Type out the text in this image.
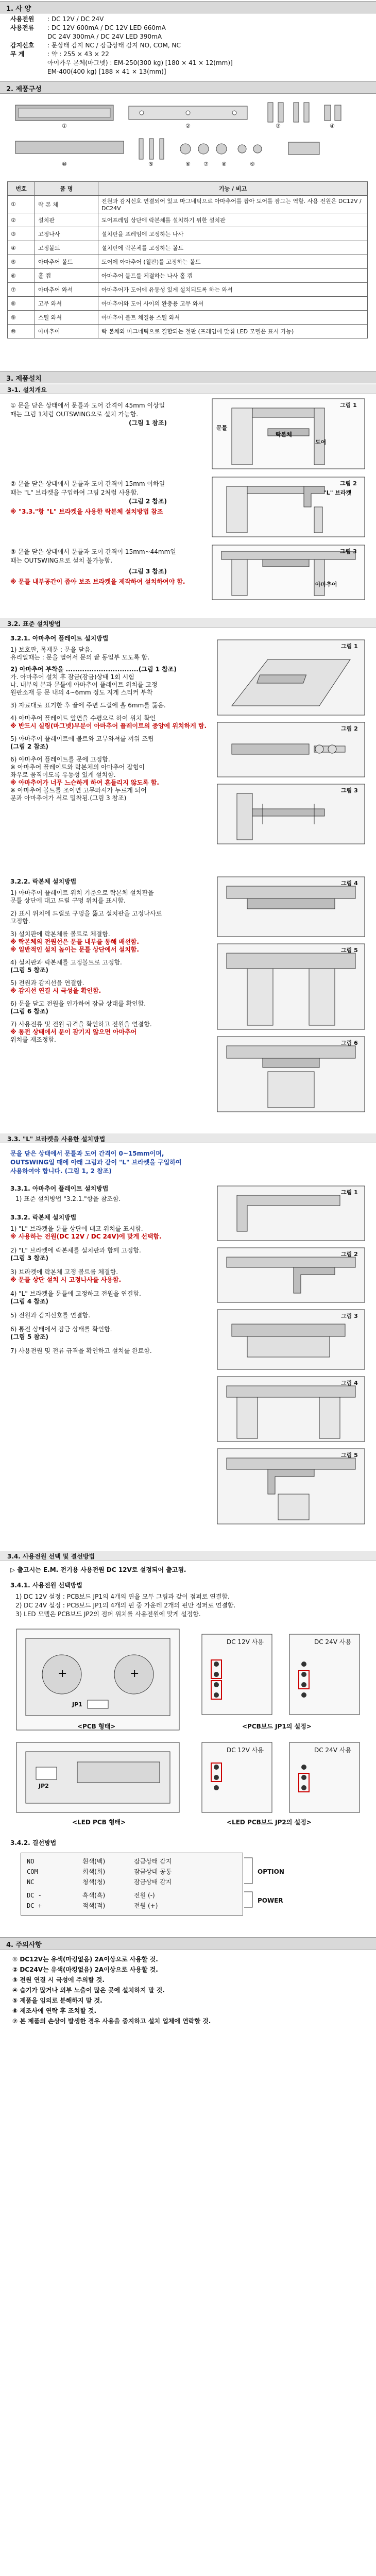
1. 사 양
사용전원 : DC 12V / DC 24V
사용전류 : DC 12V 600mA / DC 12V LED 660mA
DC 24V 300mA / DC 24V LED 390mA
감지신호 : 문상태 감지 NC / 잠금상태 감지 NO, COM, NC
무 게	: 약 : 255 × 43 × 22
아이카우 본체(마그넷) : EM-250(300 kg) [180 × 41 × 12(mm)]
EM-400(400 kg) [188 × 41 × 13(mm)]
2. 제품구성
①	②	③	④
⑩	⑤	⑥ ⑦ ⑧	⑨
번호	품 명	기능 / 비고
①	락 본 체	전원과 감지신호 연결되어 있고 마그네틱으로 아마추어를 잡아 도어를 잠그는 역할. 사용 전원은 DC12V / DC24V
②	설치판	도어프레임 상단에 락본체를 설치하기 위한 설치판
③	고정나사	설치판을 프레임에 고정하는 나사
④	고정볼트	설치판에 락본체를 고정하는 볼트
⑤	아마추어 볼트	도어에 아마추어 (철판)를 고정하는 볼트
⑥	홀 캡	아마추어 볼트를 체결하는 나사 홀 캡
⑦	아마추어 와셔	아마추어가 도어에 유동성 있게 설치되도록 하는 와셔
⑧	고무 와셔	아마추어와 도어 사이의 완충용 고무 와셔
⑨	스틸 와셔	아마추어 볼트 체결용 스틸 와셔
⑩	아마추어	락 본체와 마그네틱으로 결합되는 철판 (프레임에 맞춰 LED 모델은 표시 가능)
3. 제품설치
3-1. 설치개요
① 문을 닫은 상태에서 문틀과 도어 간격이 45mm 이상일
때는 그림 1처럼 OUTSWING으로 설치 가능함.
(그림 1 참조)
그림 1
문틀
도어
락본체
② 문을 닫은 상태에서 문틀과 도어 간격이 15mm 이하일
때는 "L" 브라켓을 구입하여 그림 2처럼 사용함.
(그림 2 참조)
※ "3.3."항 "L" 브라켓을 사용한 락본체 설치방법 참조
그림 2
"L" 브라켓
③ 문을 닫은 상태에서 문틀과 도어 간격이 15mm~44mm일
때는 OUTSWING으로 설치 불가능함.
(그림 3 참조)
※ 문틀 내부공간이 좁아 보조 브라켓을 제작하여 설치하여야 함.
그림 3
아마추어
3.2. 표준 설치방법
3.2.1. 아마추어 플레이트 설치방법
1) 보호판, 목재문 : 문을 닫음.
유리일때는 : 문을 열어서 문의 끝 동일부 모도록 함.
2) 아마추어 부착을 ...............................(그림 1 참조)
가. 아마추어 설치 후 잠금(잠금)상태 1회 시험
나. 내부의 본과 문틀에 아마추어 플레이트 위치를 고정
원판소재 등 문 내의 4~6mm 정도 지게 스티커 부착
3) 자료대로 표기한 후 끝에 주변 드릴에 홀 6mm를 뚫음.
4) 아마추어 플레이트 앞면을 수평으로 하여 위치 확인
※ 반드시 실링(마그넷)부분이 아마추어 플레이트의 중앙에 위치하게 함.
5) 아마추어 플레이트에 볼트와 고무와셔를 끼워 조립
(그림 2 참조)
6) 아마추어 플레이트를 문에 고정함.
※ 아마추어 플레이트와 락본체의 아마추어 잡힘이
좌우로 움직이도록 유동성 있게 설치함.
※ 아마추어가 너무 느슨하게 하여 흔들리지 않도록 함.
※ 아마추어 볼트를 조이면 고무와셔가 누르게 되어
문과 아마추어가 서로 밀착됨.(그림 3 참조)
그림 1
그림 2
그림 3
3.2.2. 락본체 설치방법
1) 아마추어 플레이트 위치 기준으로 락본체 설치판을
문틀 상단에 대고 드릴 구멍 위치를 표시함.
2) 표시 위치에 드릴로 구멍을 뚫고 설치판을 고정나사로
고정함.
3) 설치판에 락본체를 볼트로 체결함.
※ 락본체의 전원선은 문틀 내부를 통해 배선함.
※ 일반적인 설치 높이는 문틀 상단에서 설치함.
4) 설치판과 락본체를 고정볼트로 고정함.
(그림 5 참조)
5) 전원과 감지선을 연결함.
※ 감지선 연결 시 극성을 확인함.
6) 문을 닫고 전원을 인가하여 잠금 상태를 확인함.
(그림 6 참조)
7) 사용전류 및 전원 규격을 확인하고 전원을 연결함.
※ 통전 상태에서 문이 잠기지 않으면 아마추어
위치를 재조정함.
그림 4
그림 5
그림 6
3.3. "L" 브라켓을 사용한 설치방법
문을 닫은 상태에서 문틀과 도어 간격이 0~15mm이며,
OUTSWING일 때에 아래 그림과 같이 "L" 브라켓을 구입하여
사용하여야 합니다. (그림 1, 2 참조)
3.3.1. 아마추어 플레이트 설치방법
1) 표준 설치방법 "3.2.1."항을 참조함.
3.3.2. 락본체 설치방법
1) "L" 브라켓을 문틀 상단에 대고 위치를 표시함.
※ 사용하는 전원(DC 12V / DC 24V)에 맞게 선택함.
2) "L" 브라켓에 락본체를 설치판과 함께 고정함.
(그림 3 참조)
3) 브라켓에 락본체 고정 볼트를 체결함.
※ 문틀 상단 설치 시 고정나사를 사용함.
4) "L" 브라켓을 문틀에 고정하고 전원을 연결함.
(그림 4 참조)
5) 전원과 감지신호를 연결함.
6) 통전 상태에서 잠금 상태를 확인함.
(그림 5 참조)
7) 사용전원 및 전류 규격을 확인하고 설치를 완료함.
그림 1
그림 2
그림 3
그림 4
그림 5
3.4. 사용전원 선택 및 결선방법
▷ 출고시는 E.M. 전기용 사용전원 DC 12V로 설정되어 출고됨.
3.4.1. 사용전원 선택방법
1) DC 12V 설정 : PCB보드 JP1의 4개의 핀을 모두 그림과 같이 점퍼로 연결함.
2) DC 24V 설정 : PCB보드 JP1의 4개의 핀 중 가운데 2개의 핀만 점퍼로 연결함.
3) LED 모델은 PCB보드 JP2의 점퍼 위치를 사용전원에 맞게 설정함.
+	+
<PCB 형태>
JP1
DC 12V 사용	DC 24V 사용
<PCB보드 JP1의 설정>
JP2
<LED PCB 형태>
DC 12V 사용	DC 24V 사용
<LED PCB보드 JP2의 설정>
3.4.2. 결선방법
NO	흰색(백)	잠금상태 감지
COM	회색(회)	잠금상태 공통
NC	청색(청)	잠금상태 감지
DC -	흑색(흑)	전원 (-)
DC +	적색(적)	전원 (+)
OPTION
POWER
4. 주의사항
① DC12V는 유색(마킹없음) 2A이상으로 사용할 것.
② DC24V는 유색(마킹없음) 2A이상으로 사용할 것.
③ 전원 연결 시 극성에 주의할 것.
④ 습기가 많거나 외부 노출이 많은 곳에 설치하지 말 것.
⑤ 제품을 임의로 분해하지 말 것.
⑥ 제조사에 연락 후 조치할 것.
⑦ 본 제품의 손상이 발생한 경우 사용을 중지하고 설치 업체에 연락할 것.
